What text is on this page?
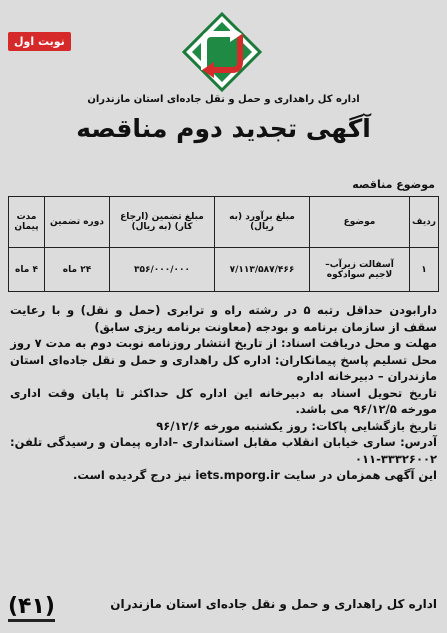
نوبت اول
اداره کل راهداری و حمل و نقل جاده‌ای استان مازندران
آگهی تجدید دوم مناقصه
موضوع مناقصه
ردیف	موضوع	مبلغ برآورد (به ریال)	مبلغ تضمین (ارجاع کار) (به ریال)	دوره تضمین	مدت پیمان
۱	آسفالت زیرآب– لاجیم سوادکوه	۷/۱۱۳/۵۸۷/۴۶۶	۳۵۶/۰۰۰/۰۰۰	۲۴ ماه	۴ ماه

دارابودن حداقل رتبه ۵ در رشته راه و ترابری (حمل و نقل) و با رعایت سقف از سازمان برنامه و بودجه (معاونت برنامه ریزی سابق)

مهلت و محل دریافت اسناد: از تاریخ انتشار روزنامه نوبت دوم به مدت ۷ روز

محل تسلیم پاسخ پیمانکاران: اداره کل راهداری و حمل و نقل جاده‌ای استان مازندران – دبیرخانه اداره

تاریخ تحویل اسناد به دبیرخانه این اداره کل حداکثر تا پایان وقت اداری مورخه ۹۶/۱۲/۵ می باشد.

تاریخ بازگشایی پاکات: روز یکشنبه مورخه ۹۶/۱۲/۶

آدرس: ساری خیابان انقلاب مقابل استانداری –اداره پیمان و رسیدگی تلفن: ۳۳۳۲۶۰۰۲-۰۱۱

این آگهی همزمان در سایت iets.mporg.ir نیز درج گردیده است.

اداره کل راهداری و حمل و نقل جاده‌ای استان مازندران
(۴۱)
